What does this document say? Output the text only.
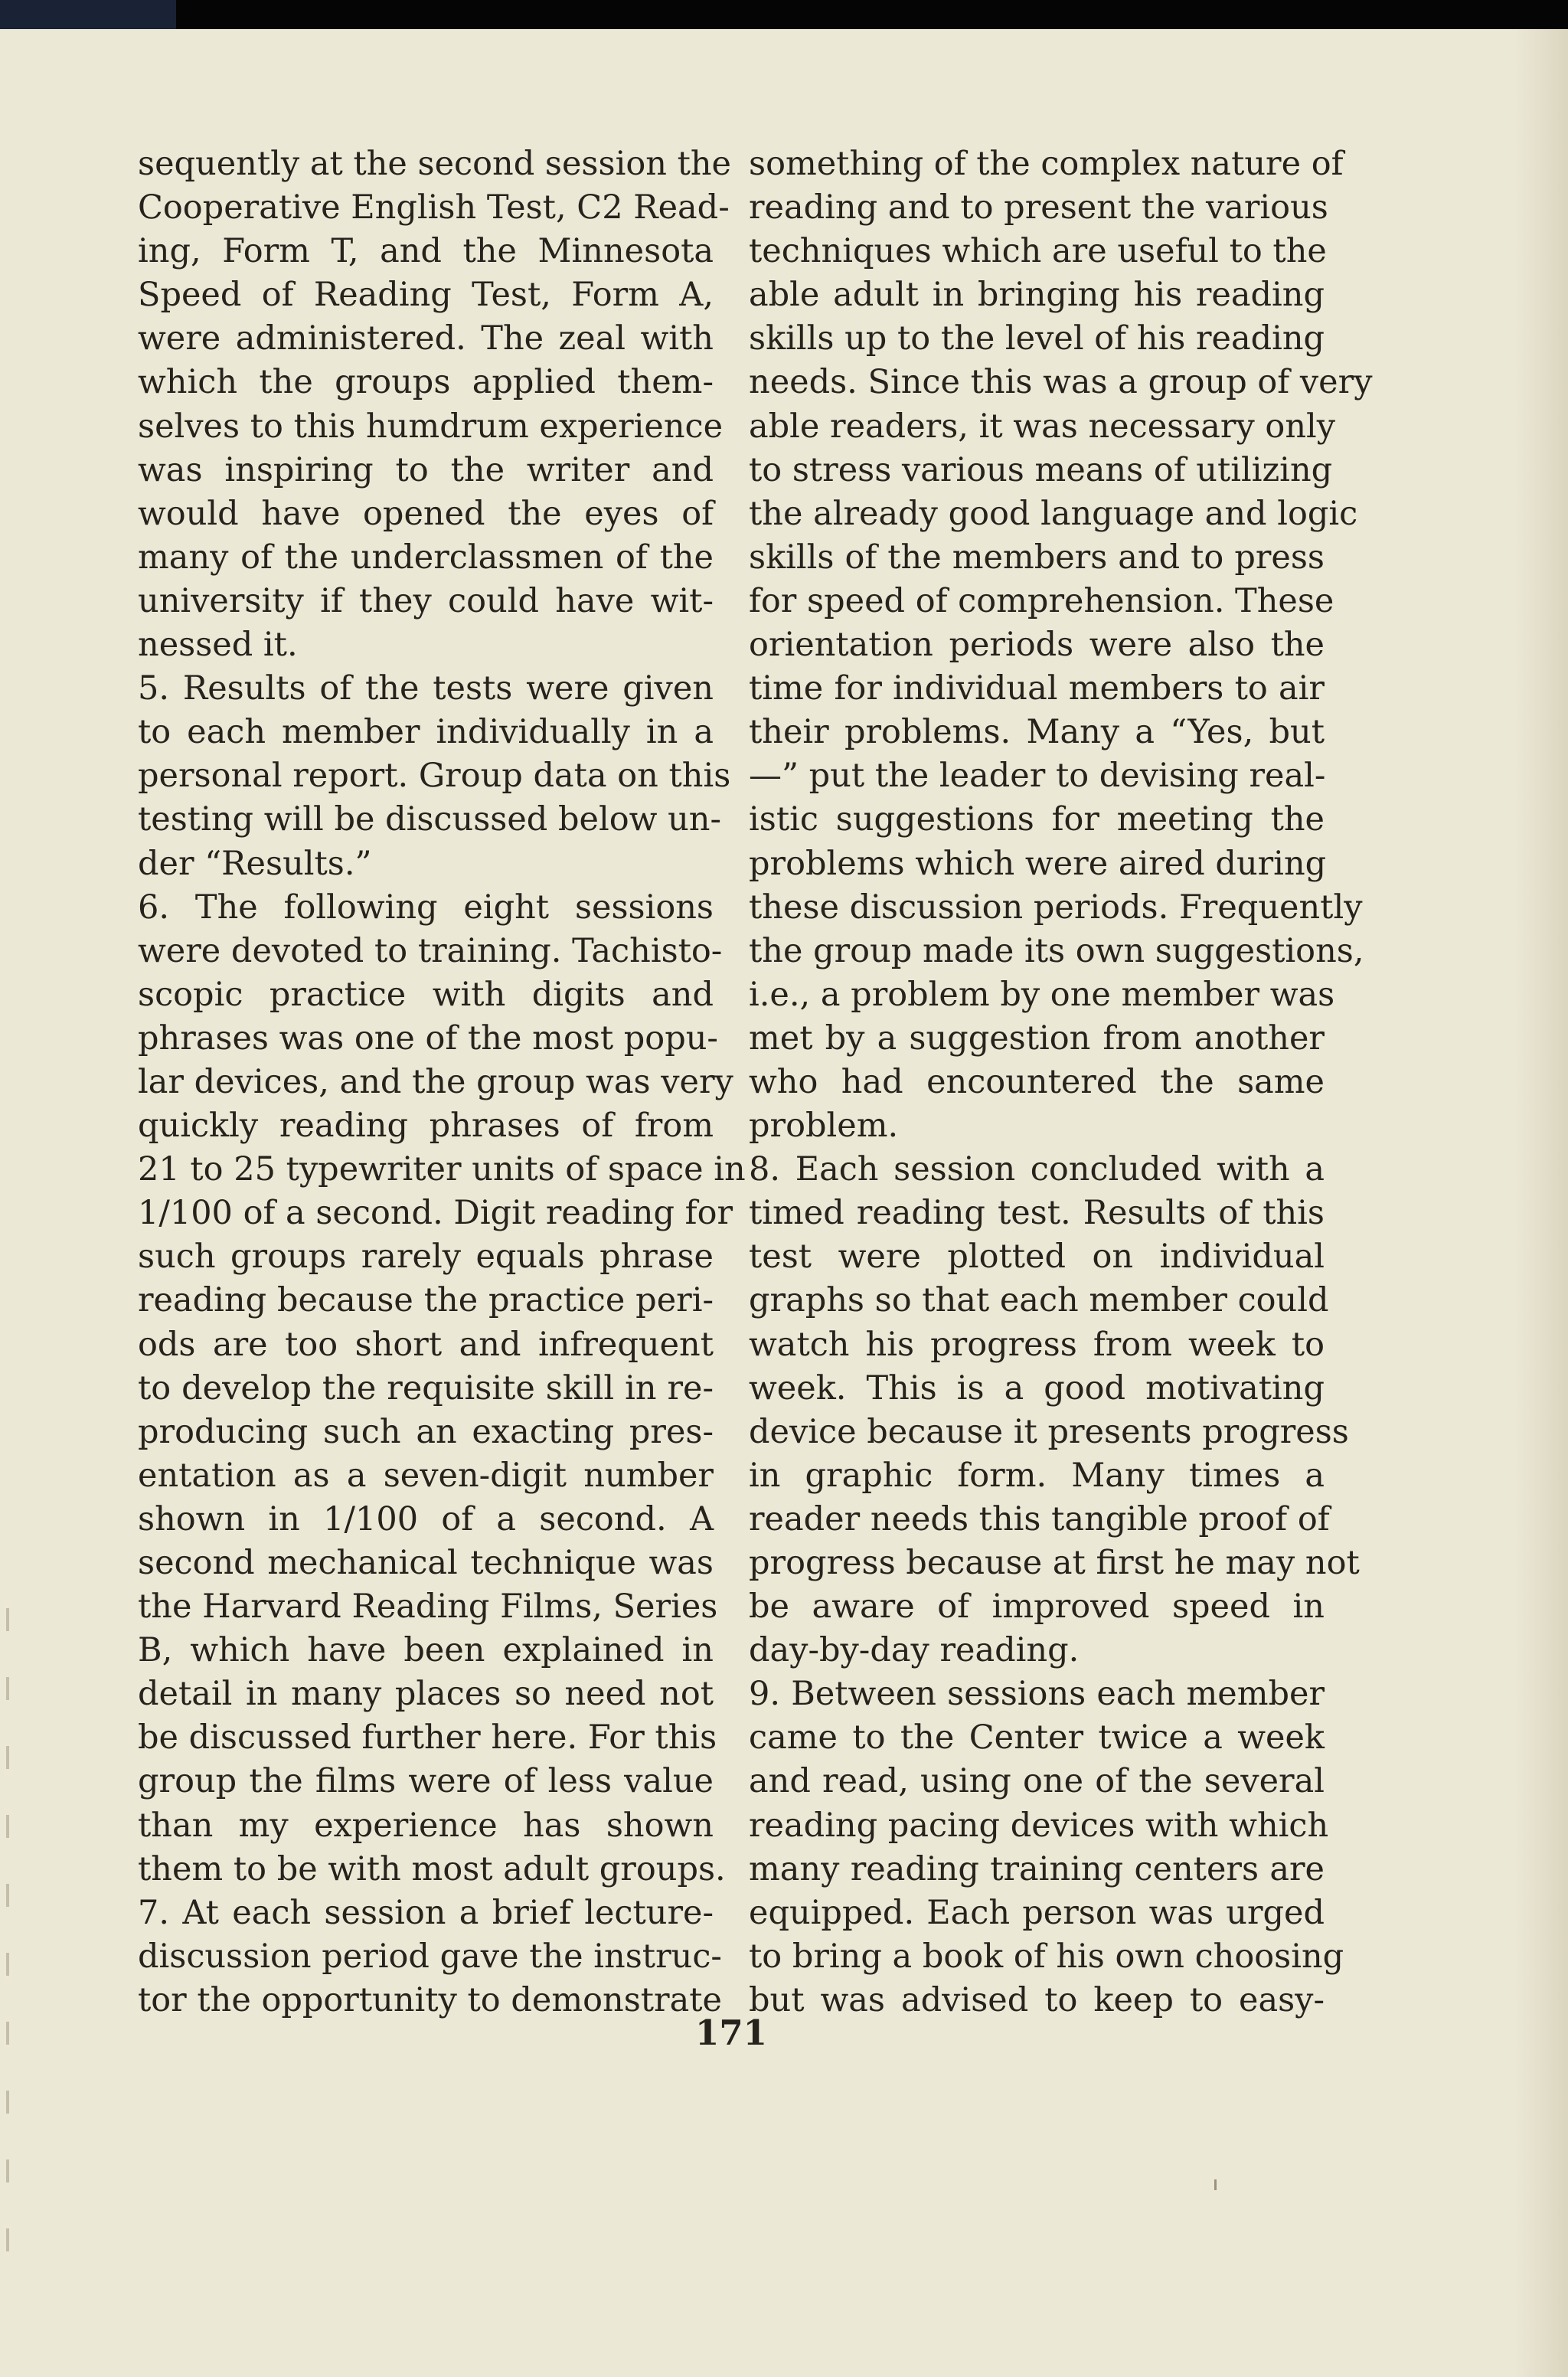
sequently at the second session the
Cooperative English Test, C2 Read-
ing, Form T, and the Minnesota
Speed of Reading Test, Form A,
were administered. The zeal with
which the groups applied them-
selves to this humdrum experience
was inspiring to the writer and
would have opened the eyes of
many of the underclassmen of the
university if they could have wit-
nessed it.
5. Results of the tests were given
to each member individually in a
personal report. Group data on this
testing will be discussed below un-
der “Results.”
6. The following eight sessions
were devoted to training. Tachisto-
scopic practice with digits and
phrases was one of the most popu-
lar devices, and the group was very
quickly reading phrases of from
21 to 25 typewriter units of space in
1/100 of a second. Digit reading for
such groups rarely equals phrase
reading because the practice peri-
ods are too short and infrequent
to develop the requisite skill in re-
producing such an exacting pres-
entation as a seven-digit number
shown in 1/100 of a second. A
second mechanical technique was
the Harvard Reading Films, Series
B, which have been explained in
detail in many places so need not
be discussed further here. For this
group the films were of less value
than my experience has shown
them to be with most adult groups.
7. At each session a brief lecture-
discussion period gave the instruc-
tor the opportunity to demonstrate
something of the complex nature of
reading and to present the various
techniques which are useful to the
able adult in bringing his reading
skills up to the level of his reading
needs. Since this was a group of very
able readers, it was necessary only
to stress various means of utilizing
the already good language and logic
skills of the members and to press
for speed of comprehension. These
orientation periods were also the
time for individual members to air
their problems. Many a “Yes, but
—” put the leader to devising real-
istic suggestions for meeting the
problems which were aired during
these discussion periods. Frequently
the group made its own suggestions,
i.e., a problem by one member was
met by a suggestion from another
who had encountered the same
problem.
8. Each session concluded with a
timed reading test. Results of this
test were plotted on individual
graphs so that each member could
watch his progress from week to
week. This is a good motivating
device because it presents progress
in graphic form. Many times a
reader needs this tangible proof of
progress because at first he may not
be aware of improved speed in
day-by-day reading.
9. Between sessions each member
came to the Center twice a week
and read, using one of the several
reading pacing devices with which
many reading training centers are
equipped. Each person was urged
to bring a book of his own choosing
but was advised to keep to easy-
171
